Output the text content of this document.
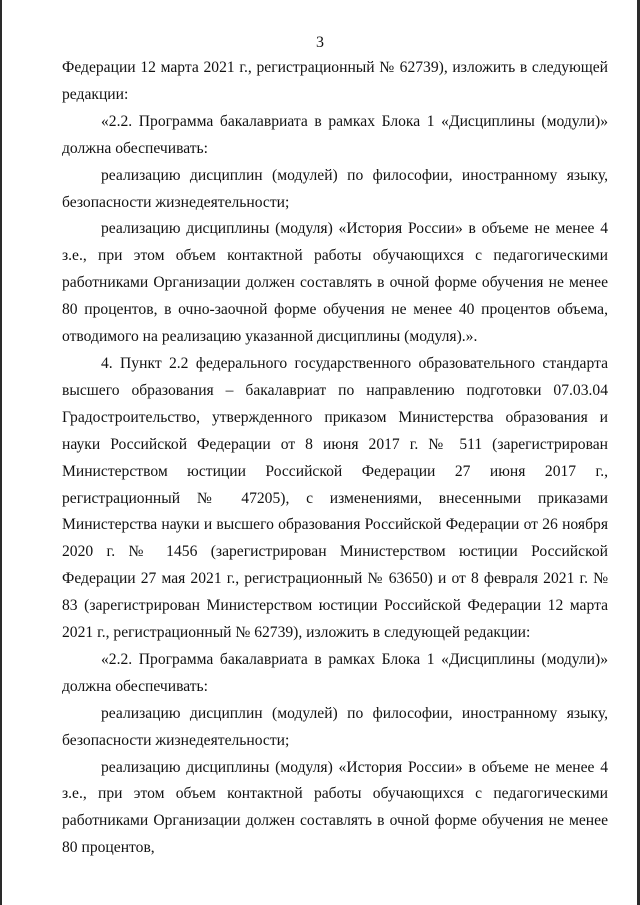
3

Федерации 12 марта 2021 г., регистрационный № 62739), изложить в следующей редакции:

«2.2. Программа бакалавриата в рамках Блока 1 «Дисциплины (модули)» должна обеспечивать:

реализацию дисциплин (модулей) по философии, иностранному языку, безопасности жизнедеятельности;

реализацию дисциплины (модуля) «История России» в объеме не менее 4 з.е., при этом объем контактной работы обучающихся с педагогическими работниками Организации должен составлять в очной форме обучения не менее 80 процентов, в очно-заочной форме обучения не менее 40 процентов объема, отводимого на реализацию указанной дисциплины (модуля).».

4. Пункт 2.2 федерального государственного образовательного стандарта высшего образования – бакалавриат по направлению подготовки 07.03.04 Градостроительство, утвержденного приказом Министерства образования и науки Российской Федерации от 8 июня 2017 г. № 511 (зарегистрирован Министерством юстиции Российской Федерации 27 июня 2017 г., регистрационный № 47205), с изменениями, внесенными приказами Министерства науки и высшего образования Российской Федерации от 26 ноября 2020 г. № 1456 (зарегистрирован Министерством юстиции Российской Федерации 27 мая 2021 г., регистрационный № 63650) и от 8 февраля 2021 г. № 83 (зарегистрирован Министерством юстиции Российской Федерации 12 марта 2021 г., регистрационный № 62739), изложить в следующей редакции:

«2.2. Программа бакалавриата в рамках Блока 1 «Дисциплины (модули)» должна обеспечивать:

реализацию дисциплин (модулей) по философии, иностранному языку, безопасности жизнедеятельности;

реализацию дисциплины (модуля) «История России» в объеме не менее 4 з.е., при этом объем контактной работы обучающихся с педагогическими работниками Организации должен составлять в очной форме обучения не менее 80 процентов,
